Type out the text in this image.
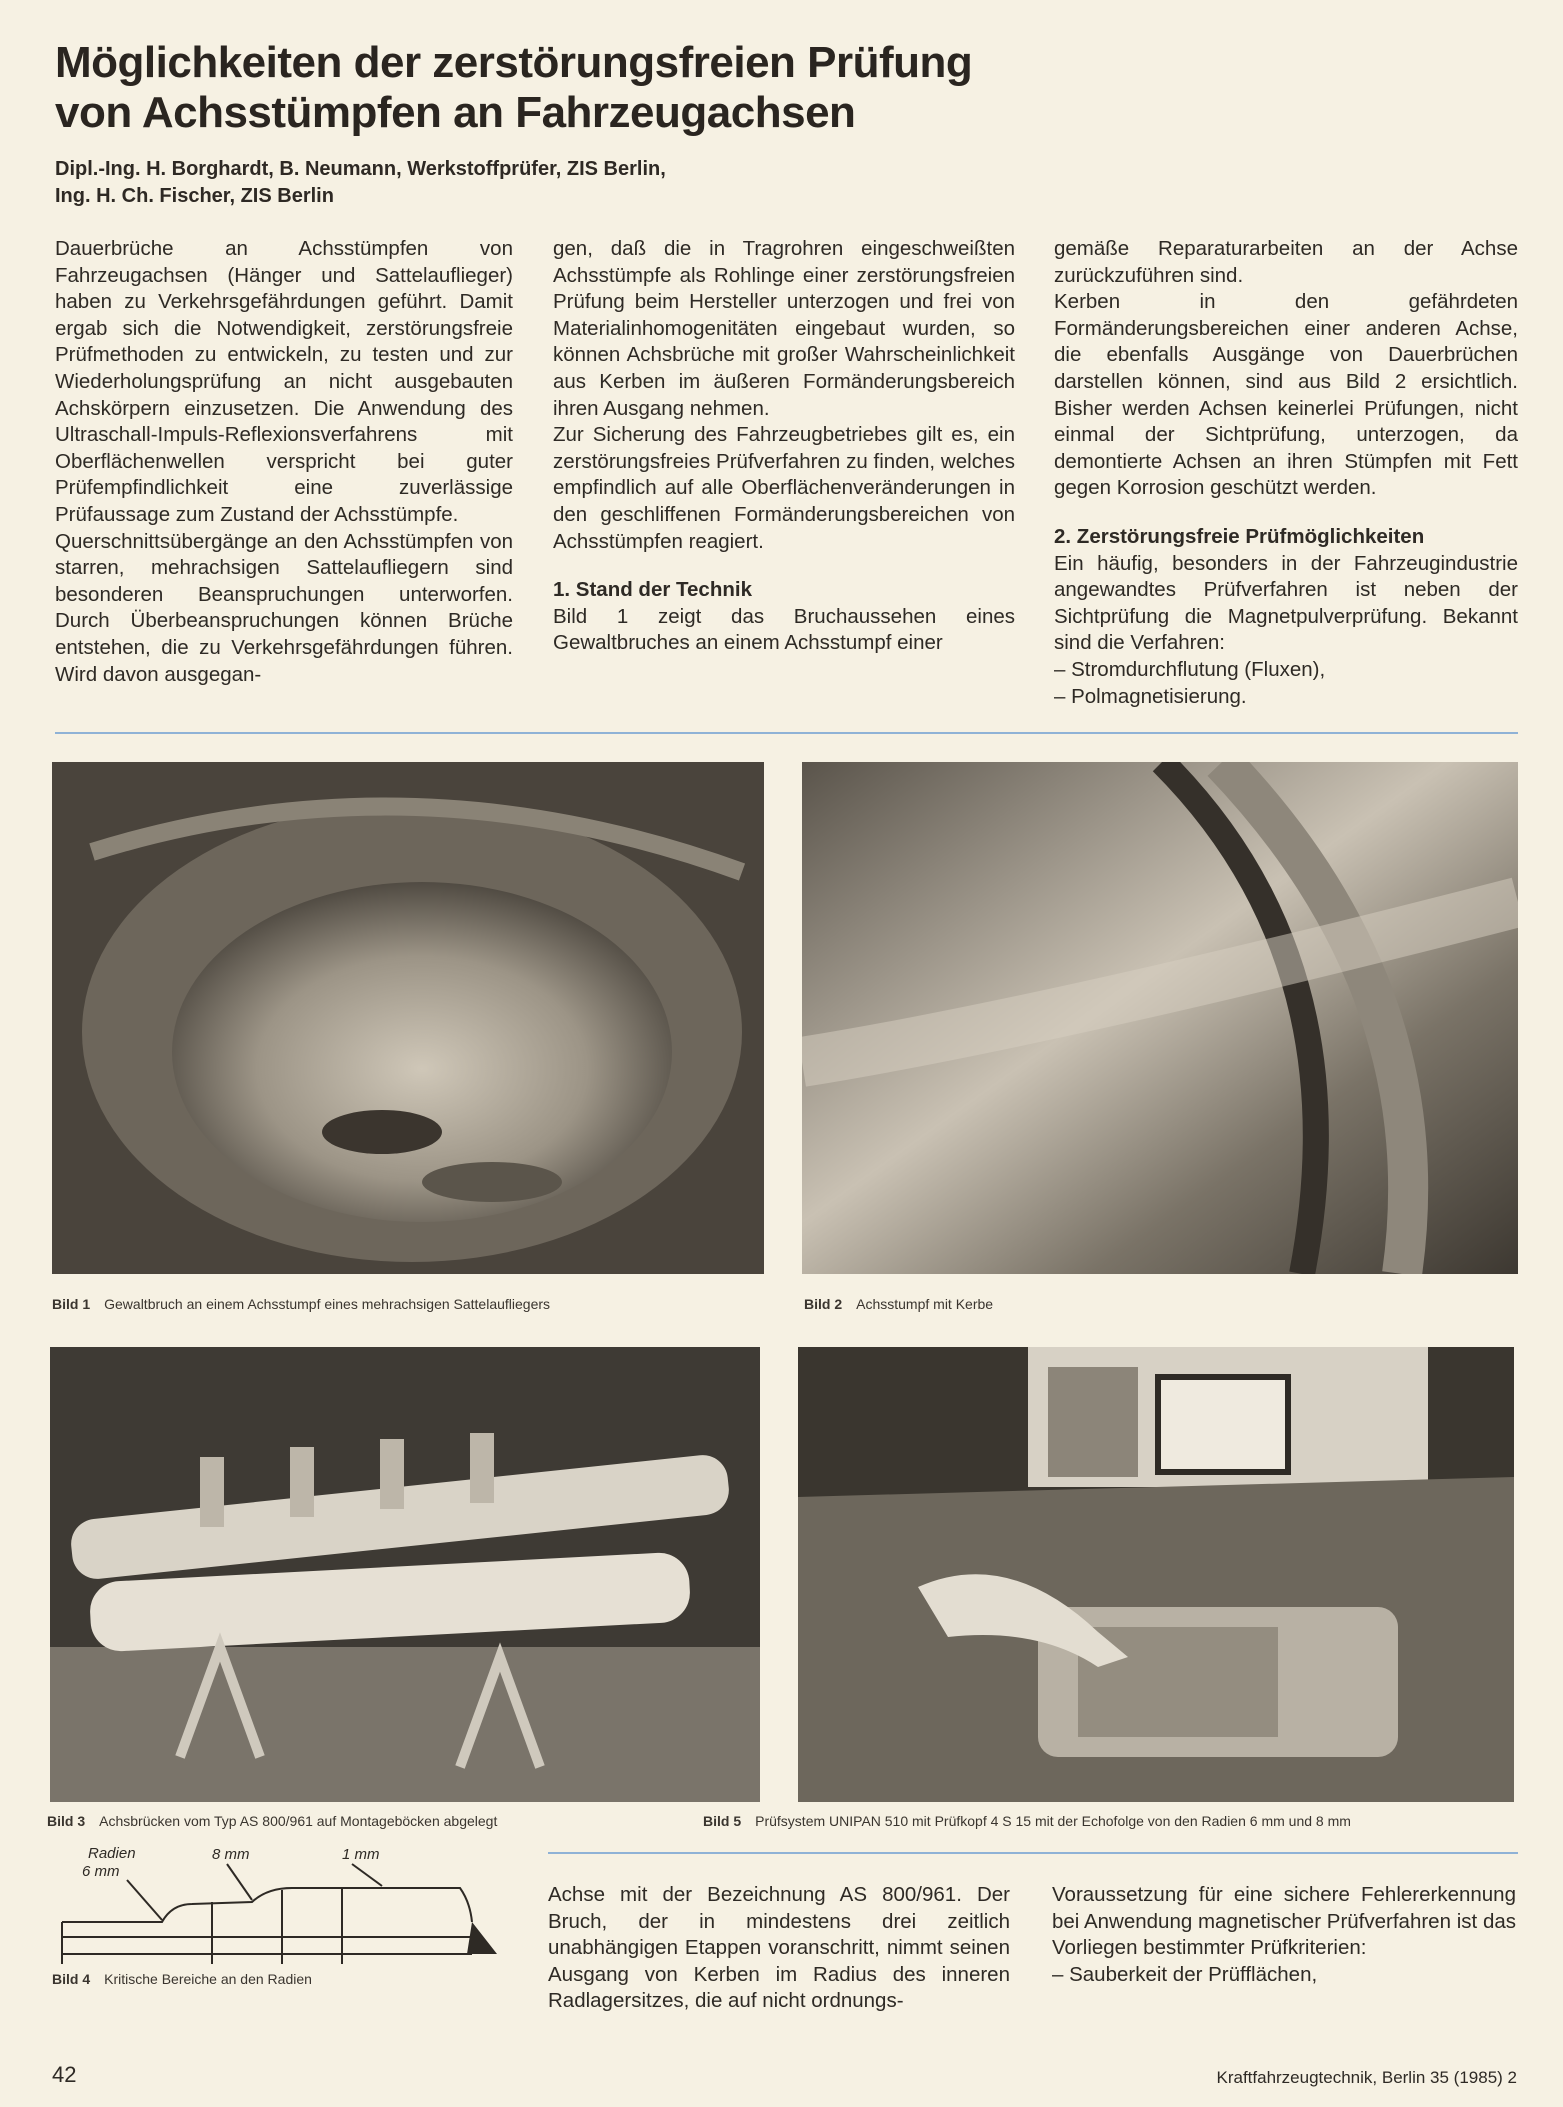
Möglichkeiten der zerstörungsfreien Prüfung
von Achsstümpfen an Fahrzeugachsen
Dipl.-Ing. H. Borghardt, B. Neumann, Werkstoffprüfer, ZIS Berlin,
Ing. H. Ch. Fischer, ZIS Berlin

Dauerbrüche an Achsstümpfen von Fahrzeugachsen (Hänger und Sattelauflieger) haben zu Verkehrsgefährdungen geführt. Damit ergab sich die Notwendigkeit, zerstörungsfreie Prüfmethoden zu entwickeln, zu testen und zur Wiederholungsprüfung an nicht ausgebauten Achskörpern einzusetzen. Die Anwendung des Ultraschall-Impuls-Reflexionsverfahrens mit Oberflächenwellen verspricht bei guter Prüfempfindlichkeit eine zuverlässige Prüfaussage zum Zustand der Achsstümpfe.

Querschnittsübergänge an den Achsstümpfen von starren, mehrachsigen Sattelaufliegern sind besonderen Beanspruchungen unterworfen. Durch Überbeanspruchungen können Brüche entstehen, die zu Verkehrsgefährdungen führen. Wird davon ausgegan-

gen, daß die in Tragrohren eingeschweißten Achsstümpfe als Rohlinge einer zerstörungsfreien Prüfung beim Hersteller unterzogen und frei von Materialinhomogenitäten eingebaut wurden, so können Achsbrüche mit großer Wahrscheinlichkeit aus Kerben im äußeren Formänderungsbereich ihren Ausgang nehmen.

Zur Sicherung des Fahrzeugbetriebes gilt es, ein zerstörungsfreies Prüfverfahren zu finden, welches empfindlich auf alle Oberflächenveränderungen in den geschliffenen Formänderungsbereichen von Achsstümpfen reagiert.

1. Stand der Technik

Bild 1 zeigt das Bruchaussehen eines Gewaltbruches an einem Achsstumpf einer

gemäße Reparaturarbeiten an der Achse zurückzuführen sind.

Kerben in den gefährdeten Formänderungsbereichen einer anderen Achse, die ebenfalls Ausgänge von Dauerbrüchen darstellen können, sind aus Bild 2 ersichtlich. Bisher werden Achsen keinerlei Prüfungen, nicht einmal der Sichtprüfung, unterzogen, da demontierte Achsen an ihren Stümpfen mit Fett gegen Korrosion geschützt werden.

2. Zerstörungsfreie Prüfmöglichkeiten

Ein häufig, besonders in der Fahrzeugindustrie angewandtes Prüfverfahren ist neben der Sichtprüfung die Magnetpulverprüfung. Bekannt sind die Verfahren:

– Stromdurchflutung (Fluxen),
– Polmagnetisierung.
Bild 1 Gewaltbruch an einem Achsstumpf eines mehrachsigen Sattelaufliegers	Bild 2 Achsstumpf mit Kerbe
Bild 3 Achsbrücken vom Typ AS 800/961 auf Montageböcken abgelegt	Bild 5 Prüfsystem UNIPAN 510 mit Prüfkopf 4 S 15 mit der Echofolge von den Radien 6 mm und 8 mm
Radien
6 mm
8 mm	1 mm
Bild 4 Kritische Bereiche an den Radien

Achse mit der Bezeichnung AS 800/961. Der Bruch, der in mindestens drei zeitlich unabhängigen Etappen voranschritt, nimmt seinen Ausgang von Kerben im Radius des inneren Radlagersitzes, die auf nicht ordnungs-

Voraussetzung für eine sichere Fehlererkennung bei Anwendung magnetischer Prüfverfahren ist das Vorliegen bestimmter Prüfkriterien:

– Sauberkeit der Prüfflächen,
42	Kraftfahrzeugtechnik, Berlin 35 (1985) 2
